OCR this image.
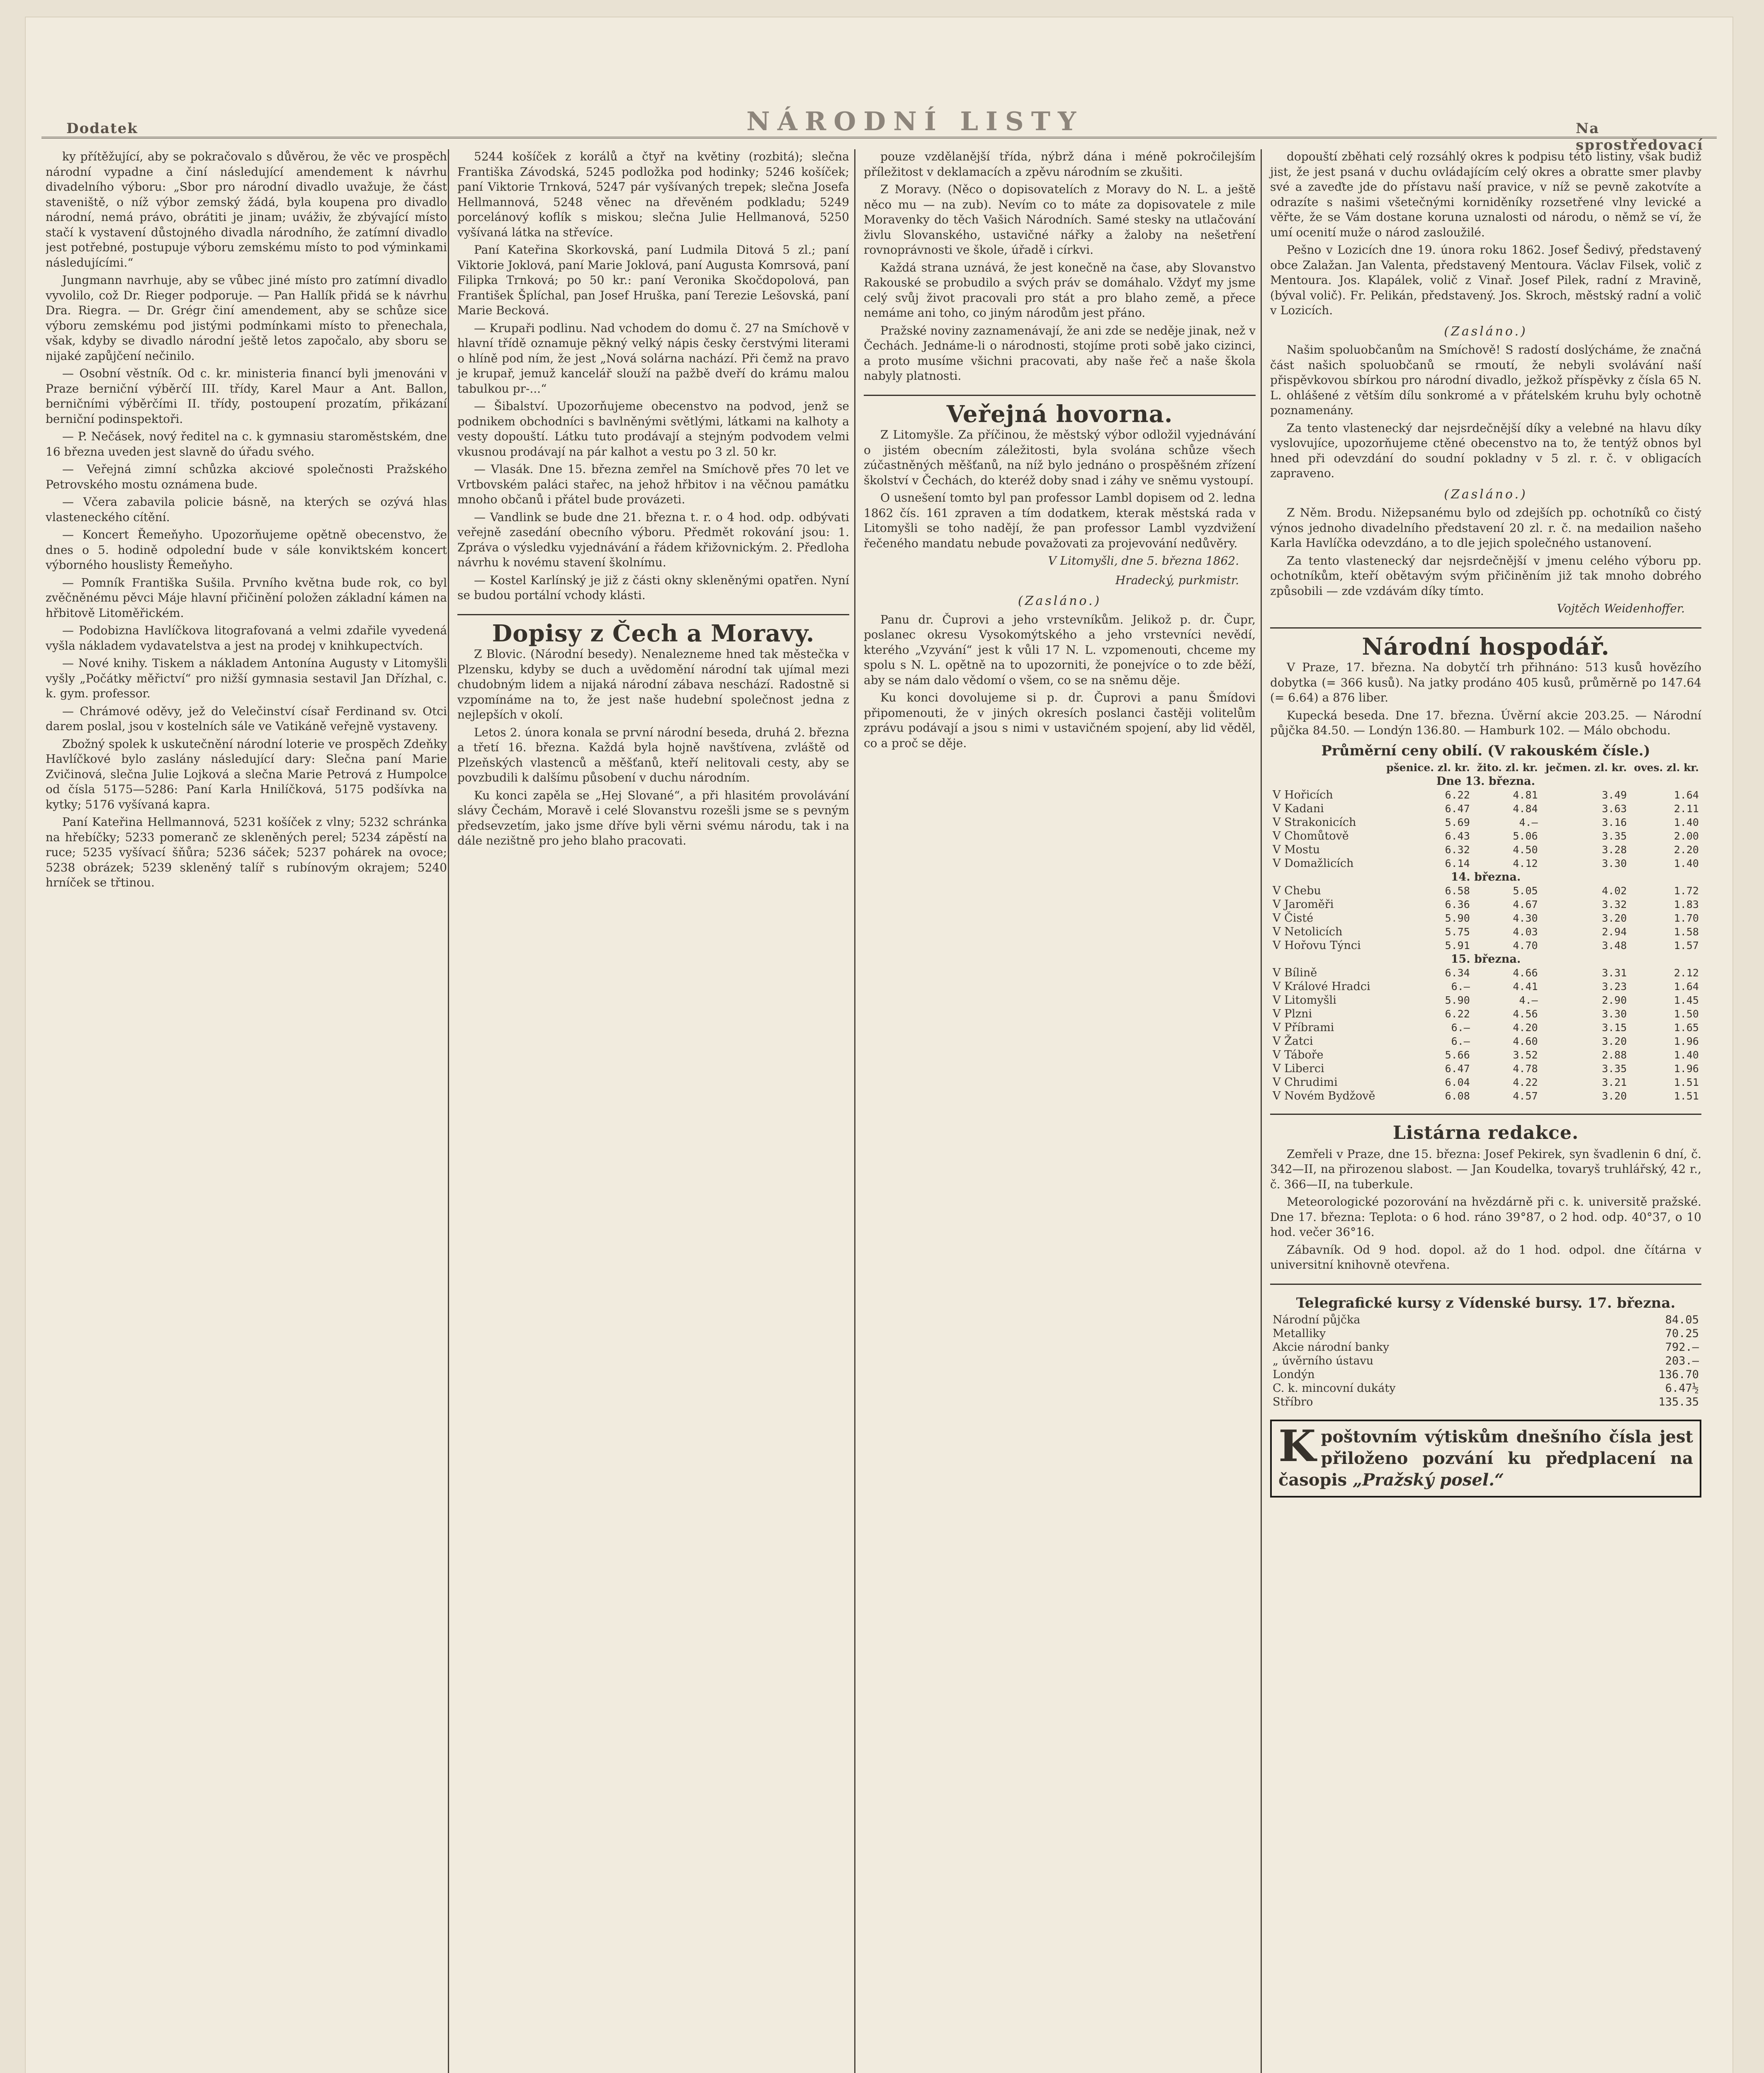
Dodatek	NÁRODNÍ LISTY	Na sprostředovací

ky přítěžující, aby se pokračovalo s důvěrou, že věc ve prospěch národní vypadne a činí následující amendement k návrhu divadelního výboru: „Sbor pro národní divadlo uvažuje, že část staveniště, o níž výbor zemský žádá, byla koupena pro divadlo národní, nemá právo, obrátiti je jinam; uváživ, že zbývající místo stačí k vystavení důstojného divadla národního, že zatímní divadlo jest potřebné, postupuje výboru zemskému místo to pod výminkami následujícími.“

Jungmann navrhuje, aby se vůbec jiné místo pro zatímní divadlo vyvolilo, což Dr. Rieger podporuje. — Pan Hallík přidá se k návrhu Dra. Riegra. — Dr. Grégr činí amendement, aby se schůze sice výboru zemskému pod jistými podmínkami místo to přenechala, však, kdyby se divadlo národní ještě letos započalo, aby sboru se nijaké zapůjčení nečinilo.

— Osobní věstník. Od c. kr. ministeria financí byli jmenováni v Praze berniční výběrčí III. třídy, Karel Maur a Ant. Ballon, berničními výběrčími II. třídy, postoupení prozatím, přikázaní berniční podinspektoři.

— P. Nečásek, nový ředitel na c. k gymnasiu staroměstském, dne 16 března uveden jest slavně do úřadu svého.

— Veřejná zimní schůzka akciové společnosti Pražského Petrovského mostu oznámena bude.

— Včera zabavila policie básně, na kterých se ozývá hlas vlasteneckého cítění.

— Koncert Řemeňyho. Upozorňujeme opětně obecenstvo, že dnes o 5. hodině odpolední bude v sále konviktském koncert výborného houslisty Řemeňyho.

— Pomník Františka Sušila. Prvního května bude rok, co byl zvěčněnému pěvci Máje hlavní přičinění položen základní kámen na hřbitově Litoměřickém.

— Podobizna Havlíčkova litografovaná a velmi zdařile vyvedená vyšla nákladem vydavatelstva a jest na prodej v knihkupectvích.

— Nové knihy. Tiskem a nákladem Antonína Augusty v Litomyšli vyšly „Počátky měřictví“ pro nižší gymnasia sestavil Jan Dřízhal, c. k. gym. professor.

— Chrámové oděvy, jež do Velečinství císař Ferdinand sv. Otci darem poslal, jsou v kostelních sále ve Vatikáně veřejně vystaveny.

Zbožný spolek k uskutečnění národní loterie ve prospěch Zdeňky Havlíčkové bylo zaslány následující dary: Slečna paní Marie Zvičinová, slečna Julie Lojková a slečna Marie Petrová z Humpolce od čísla 5175—5286: Paní Karla Hnilíčková, 5175 podšívka na kytky; 5176 vyšívaná kapra.

Paní Kateřina Hellmannová, 5231 košíček z vlny; 5232 schránka na hřebíčky; 5233 pomeranč ze skleněných perel; 5234 zápěstí na ruce; 5235 vyšívací šňůra; 5236 sáček; 5237 pohárek na ovoce; 5238 obrázek; 5239 skleněný talíř s rubínovým okrajem; 5240 hrníček se třtinou.

5244 košíček z korálů a čtyř na květiny (rozbitá); slečna Františka Závodská, 5245 podložka pod hodinky; 5246 košíček; paní Viktorie Trnková, 5247 pár vyšívaných trepek; slečna Josefa Hellmannová, 5248 věnec na dřevěném podkladu; 5249 porcelánový koflík s miskou; slečna Julie Hellmanová, 5250 vyšívaná látka na střevíce.

Paní Kateřina Skorkovská, paní Ludmila Ditová 5 zl.; paní Viktorie Joklová, paní Marie Joklová, paní Augusta Komrsová, paní Filipka Trnková; po 50 kr.: paní Veronika Skočdopolová, pan František Šplíchal, pan Josef Hruška, paní Terezie Lešovská, paní Marie Becková.

— Krupaři podlinu. Nad vchodem do domu č. 27 na Smíchově v hlavní třídě oznamuje pěkný velký nápis česky čerstvými literami o hlíně pod ním, že jest „Nová solárna nachází. Při čemž na pravo je krupař, jemuž kancelář slouží na pažbě dveří do krámu malou tabulkou pr-...“

— Šibalství. Upozorňujeme obecenstvo na podvod, jenž se podnikem obchodníci s bavlněnými světlými, látkami na kalhoty a vesty dopouští. Látku tuto prodávají a stejným podvodem velmi vkusnou prodávají na pár kalhot a vestu po 3 zl. 50 kr.

— Vlasák. Dne 15. března zemřel na Smíchově přes 70 let ve Vrtbovském paláci stařec, na jehož hřbitov i na věčnou památku mnoho občanů i přátel bude provázeti.

— Vandlink se bude dne 21. března t. r. o 4 hod. odp. odbývati veřejně zasedání obecního výboru. Předmět rokování jsou: 1. Zpráva o výsledku vyjednávání a řádem křižovnickým. 2. Předloha návrhu k novému stavení školnímu.

— Kostel Karlínský je již z části okny skleněnými opatřen. Nyní se budou portální vchody klásti.

Dopisy z Čech a Moravy.

Z Blovic. (Národní besedy). Nenalezneme hned tak městečka v Plzensku, kdyby se duch a uvědomění národní tak ujímal mezi chudobným lidem a nijaká národní zábava neschází. Radostně si vzpomínáme na to, že jest naše hudební společnost jedna z nejlepších v okolí.

Letos 2. února konala se první národní beseda, druhá 2. března a třetí 16. března. Každá byla hojně navštívena, zvláště od Plzeňských vlastenců a měšťanů, kteří nelitovali cesty, aby se povzbudili k dalšímu působení v duchu národním.

Ku konci zapěla se „Hej Slované“, a při hlasitém provolávání slávy Čechám, Moravě i celé Slovanstvu rozešli jsme se s pevným předsevzetím, jako jsme dříve byli věrni svému národu, tak i na dále nezištně pro jeho blaho pracovati.

pouze vzdělanější třída, nýbrž dána i méně pokročilejším příležitost v deklamacích a zpěvu národním se zkušiti.

Z Moravy. (Něco o dopisovatelích z Moravy do N. L. a ještě něco mu — na zub). Nevím co to máte za dopisovatele z mile Moravenky do těch Vašich Národních. Samé stesky na utlačování živlu Slovanského, ustavičné nářky a žaloby na nešetření rovnoprávnosti ve škole, úřadě i církvi.

Každá strana uznává, že jest konečně na čase, aby Slovanstvo Rakouské se probudilo a svých práv se domáhalo. Vždyť my jsme celý svůj život pracovali pro stát a pro blaho země, a přece nemáme ani toho, co jiným národům jest přáno.

Pražské noviny zaznamenávají, že ani zde se neděje jinak, než v Čechách. Jednáme-li o národnosti, stojíme proti sobě jako cizinci, a proto musíme všichni pracovati, aby naše řeč a naše škola nabyly platnosti.

Veřejná hovorna.

Z Litomyšle. Za příčinou, že městský výbor odložil vyjednávání o jistém obecním záležitosti, byla svolána schůze všech zúčastněných měšťanů, na níž bylo jednáno o prospěšném zřízení školství v Čechách, do kteréž doby snad i záhy ve sněmu vystoupí.

O usnešení tomto byl pan professor Lambl dopisem od 2. ledna 1862 čís. 161 zpraven a tím dodatkem, kterak městská rada v Litomyšli se toho nadějí, že pan professor Lambl vyzdvižení řečeného mandatu nebude považovati za projevování nedůvěry.

V Litomyšli, dne 5. března 1862.
Hradecký, purkmistr.
(Zasláno.)

Panu dr. Čuprovi a jeho vrstevníkům. Jelikož p. dr. Čupr, poslanec okresu Vysokomýtského a jeho vrstevníci nevědí, kterého „Vzyvání“ jest k vůli 17 N. L. vzpomenouti, chceme my spolu s N. L. opětně na to upozorniti, že ponejvíce o to zde běží, aby se nám dalo vědomí o všem, co se na sněmu děje.

Ku konci dovolujeme si p. dr. Čuprovi a panu Šmídovi připomenouti, že v jiných okresích poslanci častěji volitelům zprávu podávají a jsou s nimi v ustavičném spojení, aby lid věděl, co a proč se děje.

dopouští zběhati celý rozsáhlý okres k podpisu této listiny, však budiž jist, že jest psaná v duchu ovládajícím celý okres a obratte smer plavby své a zaveďte jde do přístavu naší pravice, v níž se pevně zakotvíte a odrazíte s našimi všetečnými korniděníky rozsetřené vlny levické a věřte, že se Vám dostane koruna uznalosti od národu, o němž se ví, že umí ocenití muže o národ zasloužilé.

Pešno v Lozicích dne 19. února roku 1862. Josef Šedivý, představený obce Zalažan. Jan Valenta, představený Mentoura. Václav Filsek, volič z Mentoura. Jos. Klapálek, volič z Vinař. Josef Pilek, radní z Mravině, (býval volič). Fr. Pelikán, představený. Jos. Skroch, městský radní a volič v Lozicích.

(Zasláno.)

Našim spoluobčanům na Smíchově! S radostí doslýcháme, že značná část našich spoluobčanů se rmoutí, že nebyli svolávání naší přispěvkovou sbírkou pro národní divadlo, ježkož příspěvky z čísla 65 N. L. ohlášené z větším dílu sonkromé a v přátelském kruhu byly ochotně poznamenány.

Za tento vlastenecký dar nejsrdečnější díky a velebné na hlavu díky vyslovujíce, upozorňujeme ctěné obecenstvo na to, že tentýž obnos byl hned při odevzdání do soudní pokladny v 5 zl. r. č. v obligacích zapraveno.

(Zasláno.)

Z Něm. Brodu. Nižepsanému bylo od zdejších pp. ochotníků co čistý výnos jednoho divadelního představení 20 zl. r. č. na medailion našeho Karla Havlíčka odevzdáno, a to dle jejich společného ustanovení.

Za tento vlastenecký dar nejsrdečnější v jmenu celého výboru pp. ochotníkům, kteří obětavým svým přičiněním již tak mnoho dobrého způsobili — zde vzdávám díky tímto.

Vojtěch Weidenhoffer.
Národní hospodář.

V Praze, 17. března. Na dobytčí trh přihnáno: 513 kusů hovězího dobytka (= 366 kusů). Na jatky prodáno 405 kusů, průměrně po 147.64 (= 6.64) a 876 liber.

Kupecká beseda. Dne 17. března. Úvěrní akcie 203.25. — Národní půjčka 84.50. — Londýn 136.80. — Hamburk 102. — Málo obchodu.

Průměrní ceny obilí. (V rakouském čísle.)
	pšenice. zl. kr.	žito. zl. kr.	ječmen. zl. kr.	oves. zl. kr.
Dne 13. března.				
V Hořicích	6.22	4.81	3.49	1.64
V Kadani	6.47	4.84	3.63	2.11
V Strakonicích	5.69	4.—	3.16	1.40
V Chomůtově	6.43	5.06	3.35	2.00
V Mostu	6.32	4.50	3.28	2.20
V Domažlicích	6.14	4.12	3.30	1.40
14. března.				
V Chebu	6.58	5.05	4.02	1.72
V Jaroměři	6.36	4.67	3.32	1.83
V Čisté	5.90	4.30	3.20	1.70
V Netolicích	5.75	4.03	2.94	1.58
V Hořovu Týnci	5.91	4.70	3.48	1.57
15. března.				
V Bílině	6.34	4.66	3.31	2.12
V Králové Hradci	6.—	4.41	3.23	1.64
V Litomyšli	5.90	4.—	2.90	1.45
V Plzni	6.22	4.56	3.30	1.50
V Příbrami	6.—	4.20	3.15	1.65
V Žatci	6.—	4.60	3.20	1.96
V Táboře	5.66	3.52	2.88	1.40
V Liberci	6.47	4.78	3.35	1.96
V Chrudimi	6.04	4.22	3.21	1.51
V Novém Bydžově	6.08	4.57	3.20	1.51
Listárna redakce.

Zemřeli v Praze, dne 15. března: Josef Pekirek, syn švadlenin 6 dní, č. 342—II, na přirozenou slabost. — Jan Koudelka, tovaryš truhlářský, 42 r., č. 366—II, na tuberkule.

Meteorologické pozorování na hvězdárně při c. k. universitě pražské. Dne 17. března: Teplota: o 6 hod. ráno 39°87, o 2 hod. odp. 40°37, o 10 hod. večer 36°16.

Zábavník. Od 9 hod. dopol. až do 1 hod. odpol. dne čítárna v universitní knihovně otevřena.

Telegrafické kursy z Vídenské bursy. 17. března.
Národní půjčka	84.05
Metalliky	70.25
Akcie národní banky	792.—
„ úvěrního ústavu	203.—
Londýn	136.70
C. k. mincovní dukáty	6.47½
Stříbro	135.35
K poštovním výtiskům dnešního čísla jest přiloženo pozvání ku předplacení na časopis „Pražský posel.“
